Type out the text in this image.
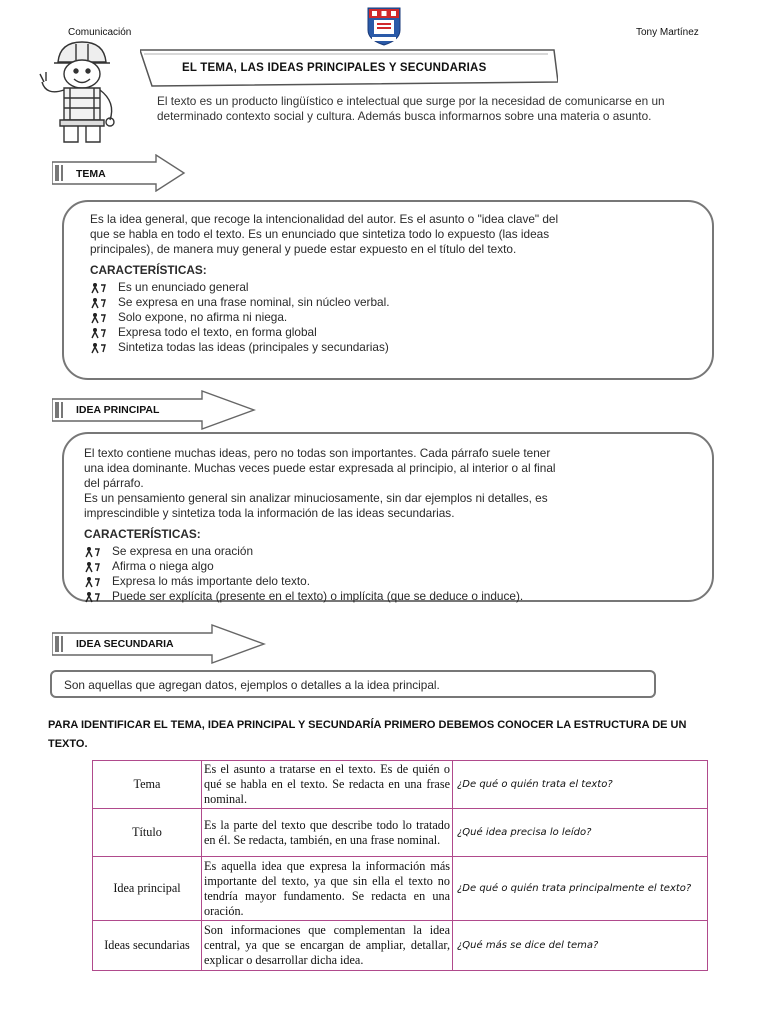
Comunicación	Tony Martínez
EL TEMA, LAS IDEAS PRINCIPALES Y SECUNDARIAS
El texto es un producto lingüístico e intelectual que surge por la necesidad de comunicarse en un determinado contexto social y cultura. Además busca informarnos sobre una materia o asunto.
TEMA

Es la idea general, que recoge la intencionalidad del autor. Es el asunto o "idea clave" del

que se habla en todo el texto. Es un enunciado que sintetiza todo lo expuesto (las ideas

principales), de manera muy general y puede estar expuesto en el título del texto.

CARACTERÍSTICAS:

Es un enunciado general
Se expresa en una frase nominal, sin núcleo verbal.
Solo expone, no afirma ni niega.
Expresa todo el texto, en forma global
Sintetiza todas las ideas (principales y secundarias)
IDEA PRINCIPAL

El texto contiene muchas ideas, pero no todas son importantes. Cada párrafo suele tener

una idea dominante. Muchas veces puede estar expresada al principio, al interior o al final

del párrafo.

Es un pensamiento general sin analizar minuciosamente, sin dar ejemplos ni detalles, es

imprescindible y sintetiza toda la información de las ideas secundarias.

CARACTERÍSTICAS:

Se expresa en una oración
Afirma o niega algo
Expresa lo más importante delo texto.
Puede ser explícita (presente en el texto) o implícita (que se deduce o induce).
IDEA SECUNDARIA
Son aquellas que agregan datos, ejemplos o detalles a la idea principal.
PARA IDENTIFICAR EL TEMA, IDEA PRINCIPAL Y SECUNDARÍA PRIMERO DEBEMOS CONOCER LA ESTRUCTURA DE UN TEXTO.
Tema	Es el asunto a tratarse en el texto. Es de quién o qué se habla en el texto. Se redacta en una frase nominal.	¿De qué o quién trata el texto?
Título	Es la parte del texto que describe todo lo tratado en él. Se redacta, también, en una frase nominal.	¿Qué idea precisa lo leído?
Idea principal	Es aquella idea que expresa la información más importante del texto, ya que sin ella el texto no tendría mayor fundamento. Se redacta en una oración.	¿De qué o quién trata principalmente el texto?
Ideas secundarias	Son informaciones que complementan la idea central, ya que se encargan de ampliar, detallar, explicar o desarrollar dicha idea.	¿Qué más se dice del tema?
